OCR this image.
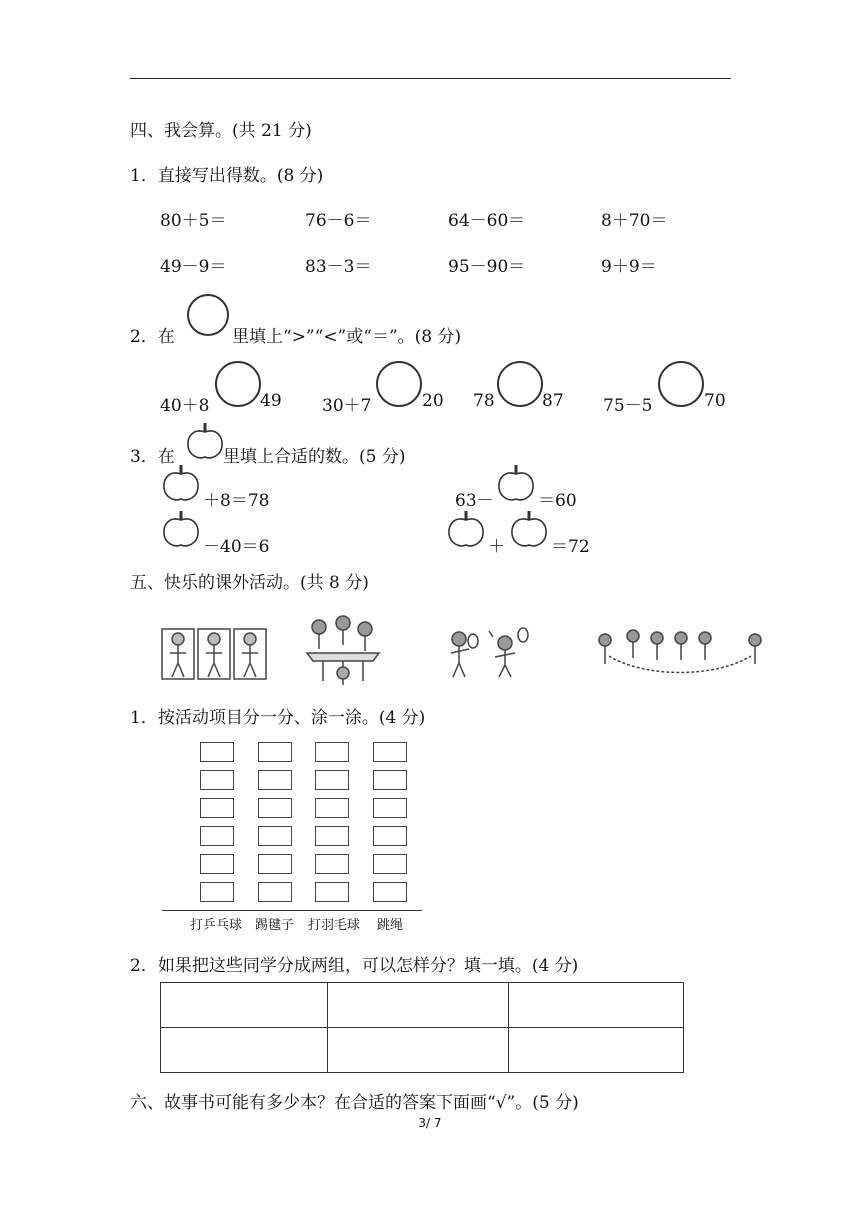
四、我会算。(共 21 分)
1．直接写出得数。(8 分)
80＋5＝	76－6＝	64－60＝	8＋70＝
49－9＝	83－3＝	95－90＝	9＋9＝
2．在	里填上“>”“<”或“＝”。(8 分)
40＋8	49 30＋7	20 78	87 75－5	70
3．在	里填上合适的数。(5 分)
＋8＝78	63－	＝60
－40＝6	＋	＝72
五、快乐的课外活动。(共 8 分)
1．按活动项目分一分、涂一涂。(4 分)
打乒乓球 踢毽子 打羽毛球 跳绳
2．如果把这些同学分成两组，可以怎样分？填一填。(4 分)

六、故事书可能有多少本？在合适的答案下面画“√”。(5 分)
3/ 7
